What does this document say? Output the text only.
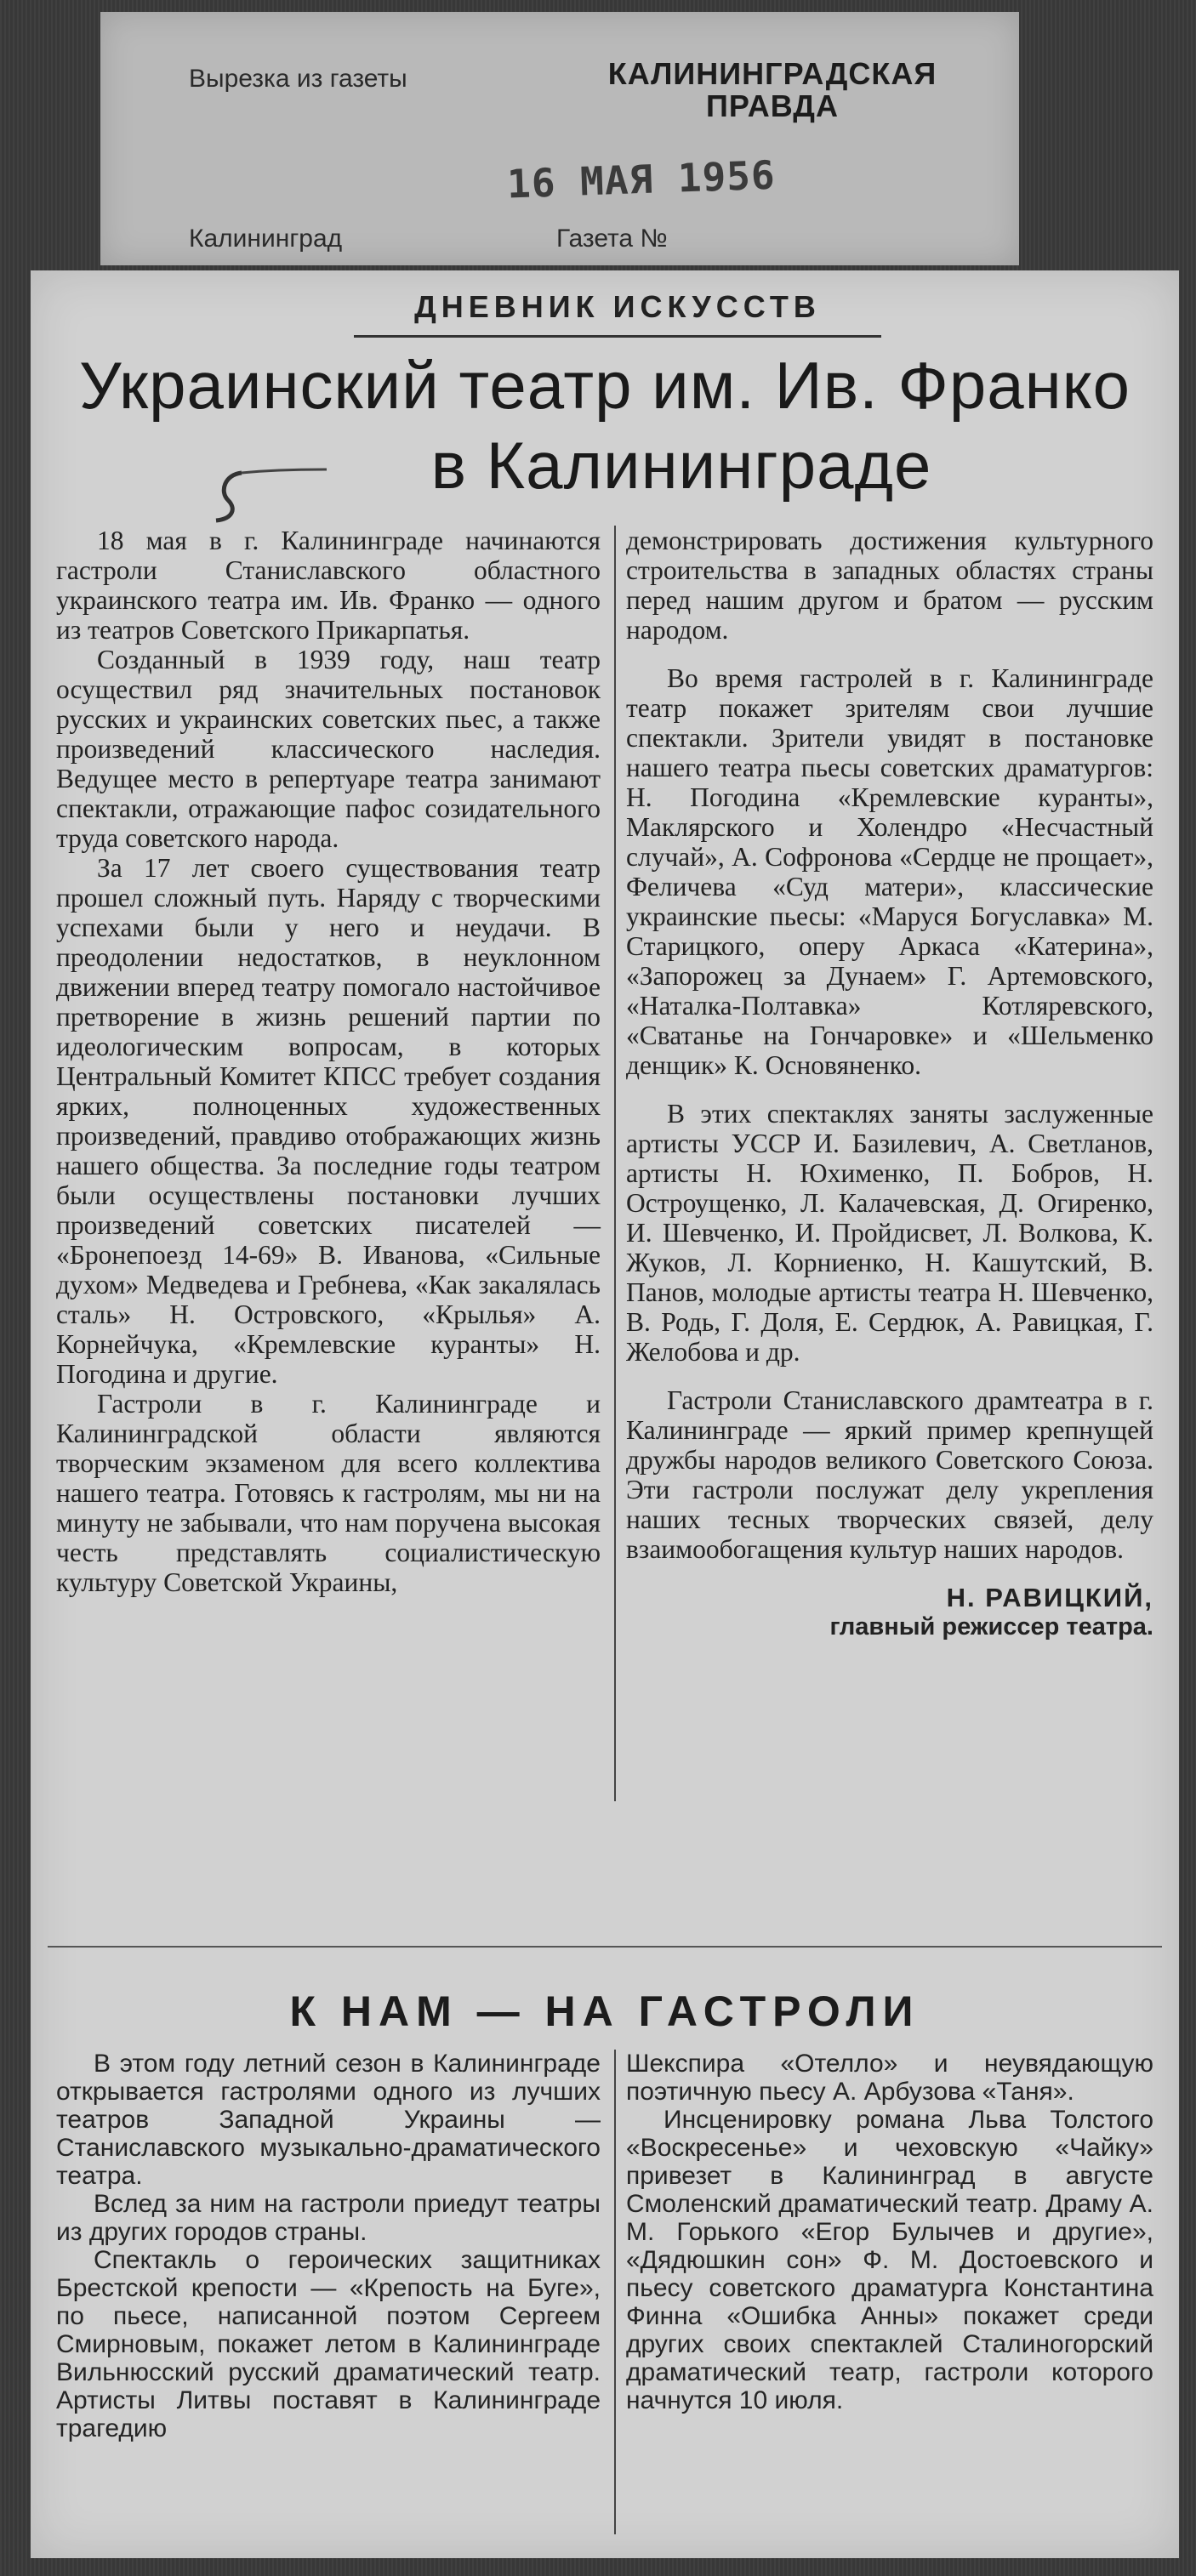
Вырезка из газеты	КАЛИНИНГРАДСКАЯ
ПРАВДА
16 МАЯ 1956
Калининград	Газета №
ДНЕВНИК ИСКУССТВ
Украинский театр им. Ив. Франко
в Калининграде

18 мая в г. Калининграде начинаются гастроли Станиславского областного украинского театра им. Ив. Франко — одного из театров Советского Прикарпатья.

Созданный в 1939 году, наш театр осуществил ряд значительных постановок русских и украинских советских пьес, а также произведений классического наследия. Ведущее место в репертуаре театра занимают спектакли, отражающие пафос созидательного труда советского народа.

За 17 лет своего существования театр прошел сложный путь. Наряду с творческими успехами были у него и неудачи. В преодолении недостатков, в неуклонном движении вперед театру помогало настойчивое претворение в жизнь решений партии по идеологическим вопросам, в которых Центральный Комитет КПСС требует создания ярких, полноценных художественных произведений, правдиво отображающих жизнь нашего общества. За последние годы театром были осуществлены постановки лучших произведений советских писателей — «Бронепоезд 14-69» В. Иванова, «Сильные духом» Медведева и Гребнева, «Как закалялась сталь» Н. Островского, «Крылья» А. Корнейчука, «Кремлевские куранты» Н. Погодина и другие.

Гастроли в г. Калининграде и Калининградской области являются творческим экзаменом для всего коллектива нашего театра. Готовясь к гастролям, мы ни на минуту не забывали, что нам поручена высокая честь представлять социалистическую культуру Советской Украины,

демонстрировать достижения культурного строительства в западных областях страны перед нашим другом и братом — русским народом.

Во время гастролей в г. Калининграде театр покажет зрителям свои лучшие спектакли. Зрители увидят в постановке нашего театра пьесы советских драматургов: Н. Погодина «Кремлевские куранты», Макляpского и Холендро «Несчастный случай», А. Софронова «Сердце не прощает», Феличева «Суд матери», классические украинские пьесы: «Маруся Богуславка» М. Старицкого, оперу Аркаса «Катерина», «Запорожец за Дунаем» Г. Артемовского, «Наталка-Полтавка» Котляревского, «Сватанье на Гончаровке» и «Шельменко денщик» К. Основяненко.

В этих спектаклях заняты заслуженные артисты УССР И. Базилевич, А. Светланов, артисты Н. Юхименко, П. Бобров, Н. Остроущенко, Л. Калачевская, Д. Огиренко, И. Шевченко, И. Пройдисвет, Л. Волкова, К. Жуков, Л. Корниенко, Н. Кашутский, В. Панов, молодые артисты театра Н. Шевченко, В. Родь, Г. Доля, Е. Сердюк, А. Равицкая, Г. Желобова и др.

Гастроли Станиславского драмтеатра в г. Калининграде — яркий пример крепнущей дружбы народов великого Советского Союза. Эти гастроли послужат делу укрепления наших тесных творческих связей, делу взаимообогащения культур наших народов.

Н. РАВИЦКИЙ,
главный режиссер театра.
К НАМ — НА ГАСТРОЛИ

В этом году летний сезон в Калининграде открывается гастролями одного из лучших театров Западной Украины — Станиславского музыкально-драматического театра.

Вслед за ним на гастроли приедут театры из других городов страны.

Спектакль о героических защитниках Брестской крепости — «Крепость на Буге», по пьесе, написанной поэтом Сергеем Смирновым, покажет летом в Калининграде Вильнюсский русский драматический театр. Артисты Литвы поставят в Калининграде трагедию

Шекспира «Отелло» и неувядающую поэтичную пьесу А. Арбузова «Таня».

Инсценировку романа Льва Толстого «Воскресенье» и чеховскую «Чайку» привезет в Калининград в августе Смоленский драматический театр. Драму А. М. Горького «Егор Булычев и другие», «Дядюшкин сон» Ф. М. Достоевского и пьесу советского драматурга Константина Финна «Ошибка Анны» покажет среди других своих спектаклей Сталиногорский драматический театр, гастроли которого начнутся 10 июля.
